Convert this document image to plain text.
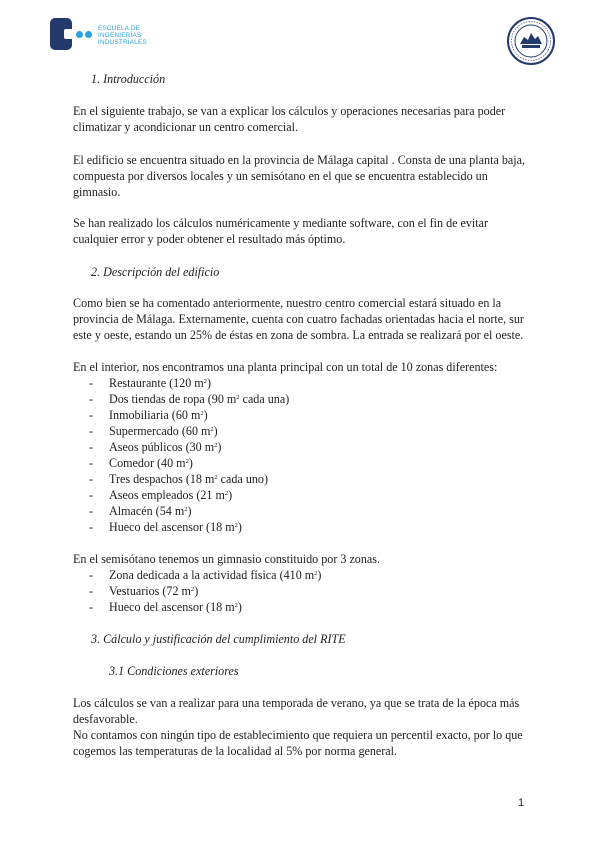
ESCUELA DE
INGENIERÍAS
INDUSTRIALES
1. Introducción
En el siguiente trabajo, se van a explicar los cálculos y operaciones necesarias para poder
climatizar y acondicionar un centro comercial.
El edificio se encuentra situado en la provincia de Málaga capital . Consta de una planta baja,
compuesta por diversos locales y un semisótano en el que se encuentra establecido un
gimnasio.
Se han realizado los cálculos numéricamente y mediante software, con el fin de evitar
cualquier error y poder obtener el resultado más óptimo.
2. Descripción del edificio
Como bien se ha comentado anteriormente, nuestro centro comercial estará situado en la
provincia de Málaga. Externamente, cuenta con cuatro fachadas orientadas hacia el norte, sur
este y oeste, estando un 25% de éstas en zona de sombra. La entrada se realizará por el oeste.
En el interior, nos encontramos una planta principal con un total de 10 zonas diferentes:
- Restaurante (120 $m^2$)
- Dos tiendas de ropa (90 $m^2$ cada una)
- Inmobiliaria (60 $m^2$)
- Supermercado (60 $m^2$)
- Aseos públicos (30 $m^2$)
- Comedor (40 $m^2$)
- Tres despachos (18 $m^2$ cada uno)
- Aseos empleados (21 $m^2$)
- Almacén (54 $m^2$)
- Hueco del ascensor (18 $m^2$)
En el semisótano tenemos un gimnasio constituido por 3 zonas.
- Zona dedicada a la actividad física (410 $m^2$)
- Vestuarios (72 $m^2$)
- Hueco del ascensor (18 $m^2$)
3. Cálculo y justificación del cumplimiento del RITE
3.1 Condiciones exteriores
Los cálculos se van a realizar para una temporada de verano, ya que se trata de la época más
desfavorable.
No contamos con ningún tipo de establecimiento que requiera un percentil exacto, por lo que
cogemos las temperaturas de la localidad al 5% por norma general.
1
